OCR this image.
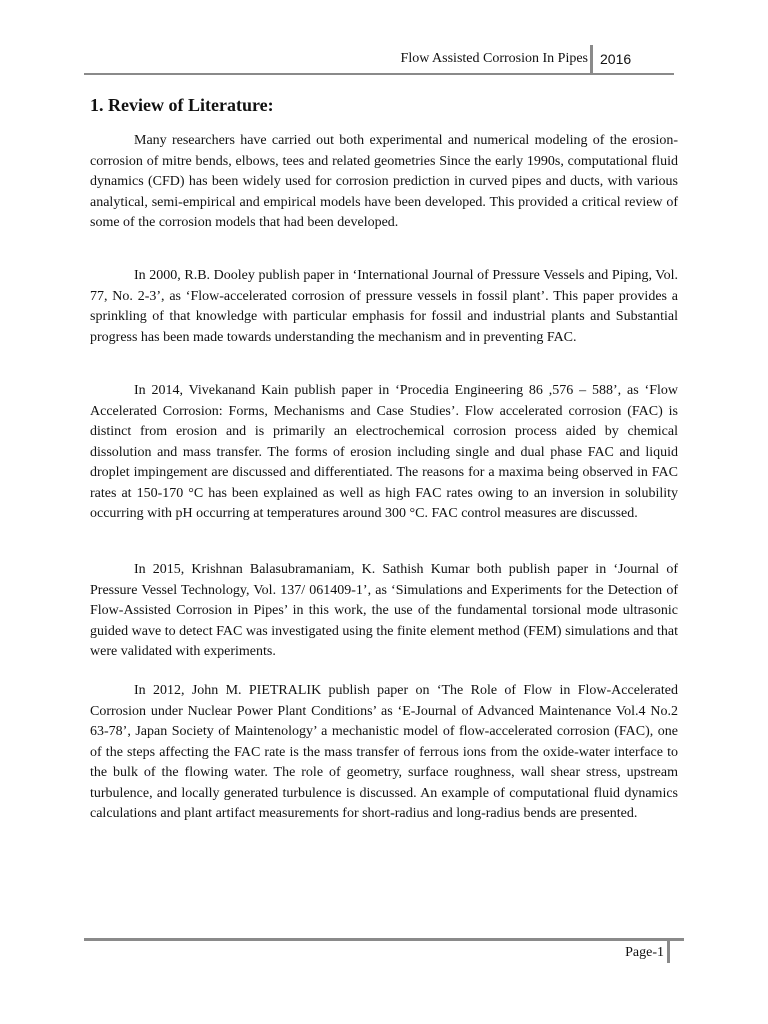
Flow Assisted Corrosion In Pipes 2016
1. Review of Literature:

Many researchers have carried out both experimental and numerical modeling of the erosion-corrosion of mitre bends, elbows, tees and related geometries Since the early 1990s, computational fluid dynamics (CFD) has been widely used for corrosion prediction in curved pipes and ducts, with various analytical, semi-empirical and empirical models have been developed. This provided a critical review of some of the corrosion models that had been developed.

In 2000, R.B. Dooley publish paper in ‘International Journal of Pressure Vessels and Piping, Vol. 77, No. 2-3’, as ‘Flow-accelerated corrosion of pressure vessels in fossil plant’. This paper provides a sprinkling of that knowledge with particular emphasis for fossil and industrial plants and Substantial progress has been made towards understanding the mechanism and in preventing FAC.

In 2014, Vivekanand Kain publish paper in ‘Procedia Engineering 86 ,576 – 588’, as ‘Flow Accelerated Corrosion: Forms, Mechanisms and Case Studies’. Flow accelerated corrosion (FAC) is distinct from erosion and is primarily an electrochemical corrosion process aided by chemical dissolution and mass transfer. The forms of erosion including single and dual phase FAC and liquid droplet impingement are discussed and differentiated. The reasons for a maxima being observed in FAC rates at 150-170 °C has been explained as well as high FAC rates owing to an inversion in solubility occurring with pH occurring at temperatures around 300 °C. FAC control measures are discussed.

In 2015, Krishnan Balasubramaniam, K. Sathish Kumar both publish paper in ‘Journal of Pressure Vessel Technology, Vol. 137/ 061409-1’, as ‘Simulations and Experiments for the Detection of Flow-Assisted Corrosion in Pipes’ in this work, the use of the fundamental torsional mode ultrasonic guided wave to detect FAC was investigated using the finite element method (FEM) simulations and that were validated with experiments.

In 2012, John M. PIETRALIK publish paper on ‘The Role of Flow in Flow-Accelerated Corrosion under Nuclear Power Plant Conditions’ as ‘E-Journal of Advanced Maintenance Vol.4 No.2 63-78’, Japan Society of Maintenology’ a mechanistic model of flow-accelerated corrosion (FAC), one of the steps affecting the FAC rate is the mass transfer of ferrous ions from the oxide-water interface to the bulk of the flowing water. The role of geometry, surface roughness, wall shear stress, upstream turbulence, and locally generated turbulence is discussed. An example of computational fluid dynamics calculations and plant artifact measurements for short-radius and long-radius bends are presented.

Page-1
